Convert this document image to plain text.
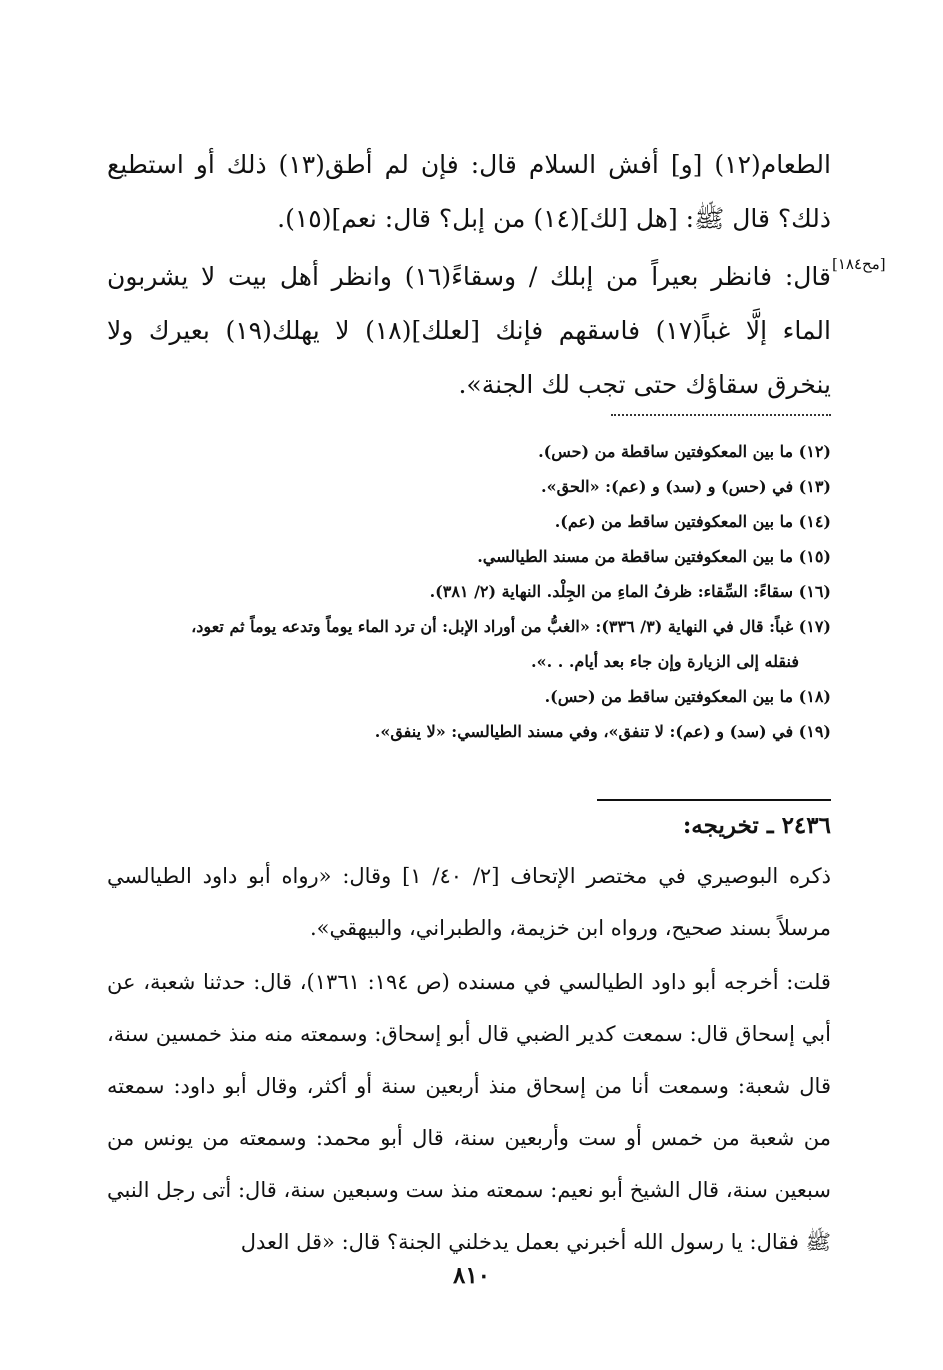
الطعام(١٢) [و] أفش السلام قال: فإن لم أطق(١٣) ذلك أو استطيع ذلك؟ قال ﷺ: [هل [لك](١٤) من إبل؟ قال: نعم](١٥).

قال: فانظر بعيراً من إبلك / وسقاءً(١٦) وانظر أهل بيت لا يشربون الماء إلَّا غباً(١٧) فاسقهم فإنك [لعلك](١٨) لا يهلك(١٩) بعيرك ولا ينخرق سقاؤك حتى تجب لك الجنة».

[مح١٨٤]

(١٢) ما بين المعكوفتين ساقطة من (حس).

(١٣) في (حس) و (سد) و (عم): «الحق».

(١٤) ما بين المعكوفتين ساقط من (عم).

(١٥) ما بين المعكوفتين ساقطة من مسند الطيالسي.

(١٦) سقاءً: السِّقاء: ظرفُ الماءِ من الجِلْد. النهاية (٢/ ٣٨١).

(١٧) غباً: قال في النهاية (٣/ ٣٣٦): «الغبُّ من أوراد الإبل: أن ترد الماء يوماً وتدعه يوماً ثم تعود،

فنقله إلى الزيارة وإن جاء بعد أيام. . .».

(١٨) ما بين المعكوفتين ساقط من (حس).

(١٩) في (سد) و (عم): لا تنفق»، وفي مسند الطيالسي: «لا ينفق».

٢٤٣٦ ـ تخريجه:

ذكره البوصيري في مختصر الإتحاف [٢/ ٤٠/ ١] وقال: «رواه أبو داود الطيالسي مرسلاً بسند صحيح، ورواه ابن خزيمة، والطبراني، والبيهقي».

قلت: أخرجه أبو داود الطيالسي في مسنده (ص ١٩٤: ١٣٦١)، قال: حدثنا شعبة، عن أبي إسحاق قال: سمعت كدير الضبي قال أبو إسحاق: وسمعته منه منذ خمسين سنة، قال شعبة: وسمعت أنا من إسحاق منذ أربعين سنة أو أكثر، وقال أبو داود: سمعته من شعبة من خمس أو ست وأربعين سنة، قال أبو محمد: وسمعته من يونس من سبعين سنة، قال الشيخ أبو نعيم: سمعته منذ ست وسبعين سنة، قال: أتى رجل النبي ﷺ فقال: يا رسول الله أخبرني بعمل يدخلني الجنة؟ قال: «قل العدل

٨١٠
